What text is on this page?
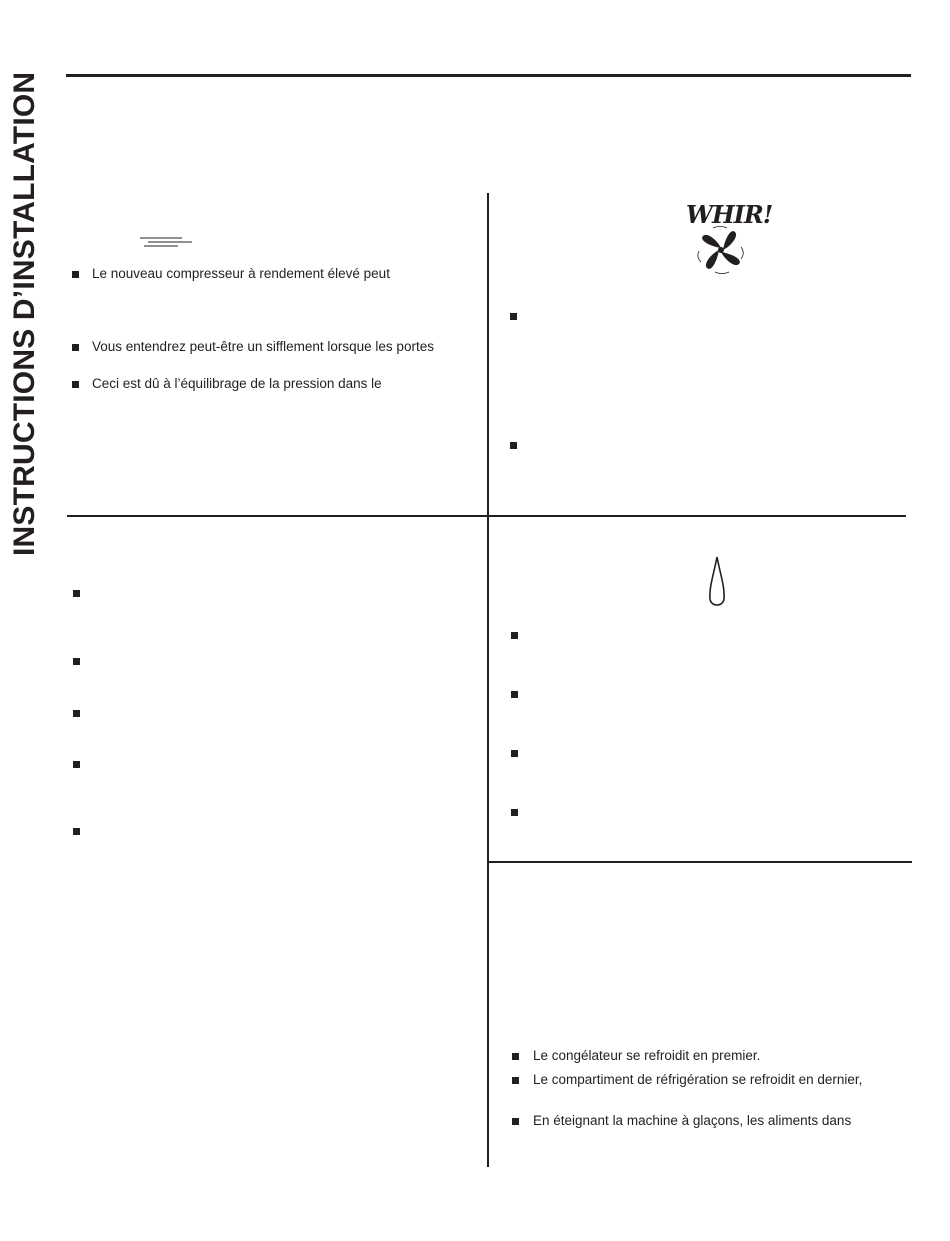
INSTRUCTIONS D’INSTALLATION	Le nouveau compresseur à rendement élevé peut
Vous entendrez peut-être un sifflement lorsque les portes
Ceci est dû à l’équilibrage de la pression dans le
WHIR!
Le congélateur se refroidit en premier.
Le compartiment de réfrigération se refroidit en dernier,
En éteignant la machine à glaçons, les aliments dans
